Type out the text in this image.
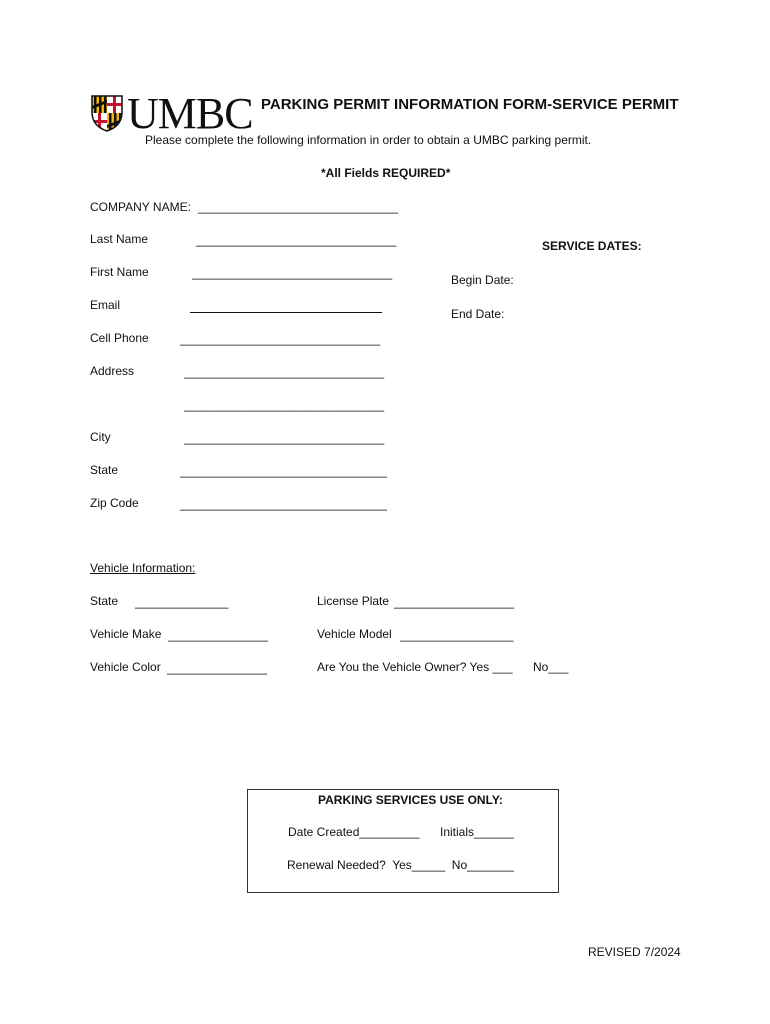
UMBC PARKING PERMIT INFORMATION FORM-SERVICE PERMIT
Please complete the following information in order to obtain a UMBC parking permit.
*All Fields REQUIRED*
COMPANY NAME: ______________________________
Last Name	______________________________
First Name	______________________________
Email
Cell Phone	______________________________
Address	______________________________
______________________________
City	______________________________
State	_______________________________
Zip Code	_______________________________
SERVICE DATES:
Begin Date:
End Date:
Vehicle Information:
State ______________	License Plate __________________
Vehicle Make _______________	Vehicle Model _________________
Vehicle Color _______________	Are You the Vehicle Owner? Yes ___ No___
PARKING SERVICES USE ONLY:
Date Created_________ Initials______
Renewal Needed?  Yes_____  No_______
REVISED 7/2024
